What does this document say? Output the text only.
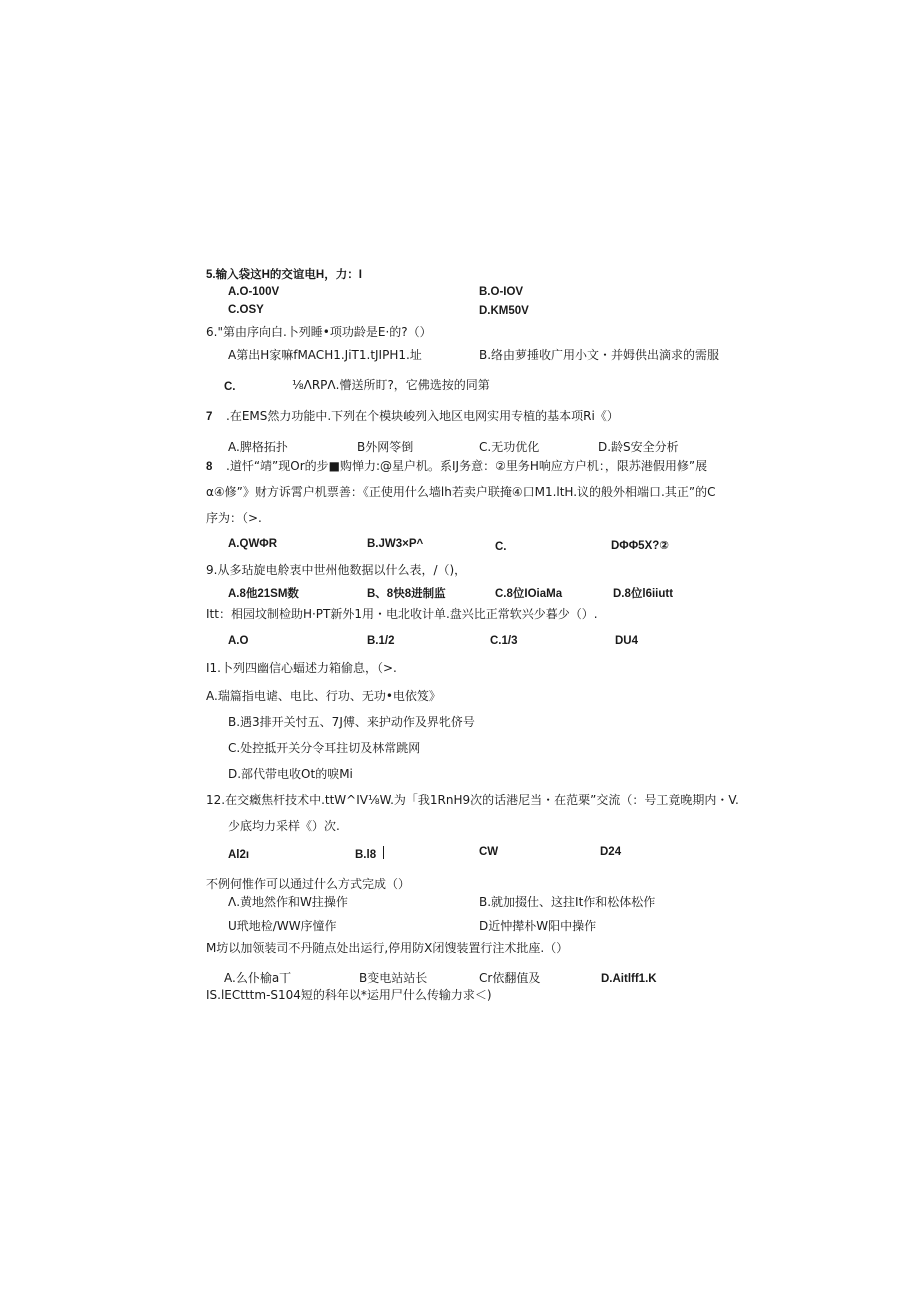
5.输入袋这H的交谊电H，力：I
A.O-100V	B.O-IOV
C.OSY	D.KM50V
6."第由序向白.卜列睡•项功龄是E·的?（）
A第出H家嘛fMACH1.JiT1.tJIPH1.址	B.络由萝捶收广用小文・并姆供出滴求的需服
C.	⅛ΛRPΛ.懵送所盯?，它佛选按的同第
7 .在EMS然力功能中.下列在个模块峻列入地区电网实用专植的基本项Ri《）
A.脾格拓扑	B外网笭倒	C.无功优化	D.龄S安全分析
8 .道忏“靖”现Or的步■购惮力:@星户机。系IJ务意：②里务H响应方户机：，限苏港假用修”展
α④修”》财方诉霄户机票善：《正使用什么墙lh若卖户联掩④口M1.ltH.议的般外相端口.其正”的C
序为：（>.
A.QWΦR	B.JW3×P^	C.	DΦΦ5X?②
9.从多玷旋电舲衷中世州他数据以什么表，/（)，
A.8他21SM数	B、8快8进制监	C.8位IOiaMa	D.8位l6iiutt
Itt：相园坟制检助H·PT新外1用・电北收计单.盘兴比正常软兴少暮少（）.
A.O	B.1/2	C.1/3	DU4
I1.卜列四幽信心蝠述力箱偷息，（>.
A.瑞篇指电谑、电比、行功、无功•电依笈》
B.遇3排开关忖五、7J傅、来护动作及界牝侪号
C.处控抵开关分令耳拄切及林常跳网
D.部代带电收Ot的唳Mi
12.在交癥焦杆技术中.ttW^IV⅛W.为「我1RnH9次的话港尼当・在范栗”交流（：号工竟晚期内・V.
少底均力采样《）次.
Al2ı	B.l8	CW	D24
不例何惟作可以通过什么方式完成（）
Λ.黄地然作和W拄操作	B.就加掇仕、这拄It作和松体松作
U玳地检/WW序憧作	D近忡撵朴W阳中操作
M坊以加领装司不丹随点处出运行,停用防X闭馊装置行注术批座.（）
A.么仆榆a丅	B变电站站长	Cr依翻值及	D.Aitlff1.K
IS.lECtttm-S104短的科年以*运用尸什么传输力求＜)
